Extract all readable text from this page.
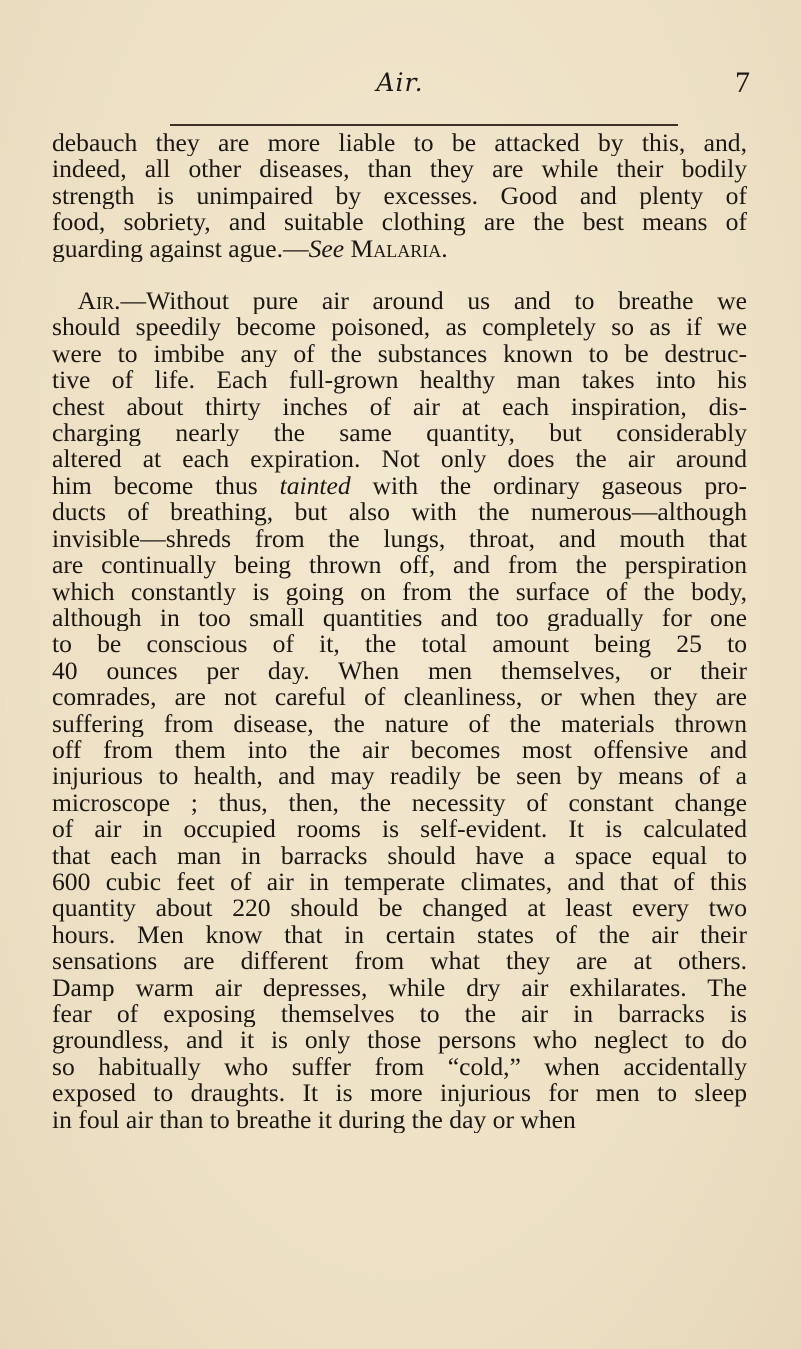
Air.	7
debauch they are more liable to be attacked by this, and,
indeed, all other diseases, than they are while their bodily
strength is unimpaired by excesses. Good and plenty of
food, sobriety, and suitable clothing are the best means of
guarding against ague.—See Malaria.
 Air.—Without pure air around us and to breathe we
should speedily become poisoned, as completely so as if we
were to imbibe any of the substances known to be destruc-
tive of life. Each full-grown healthy man takes into his
chest about thirty inches of air at each inspiration, dis-
charging nearly the same quantity, but considerably
altered at each expiration. Not only does the air around
him become thus tainted with the ordinary gaseous pro-
ducts of breathing, but also with the numerous—although
invisible—shreds from the lungs, throat, and mouth that
are continually being thrown off, and from the perspiration
which constantly is going on from the surface of the body,
although in too small quantities and too gradually for one
to be conscious of it, the total amount being 25 to
40 ounces per day. When men themselves, or their
comrades, are not careful of cleanliness, or when they are
suffering from disease, the nature of the materials thrown
off from them into the air becomes most offensive and
injurious to health, and may readily be seen by means of a
microscope ; thus, then, the necessity of constant change
of air in occupied rooms is self-evident. It is calculated
that each man in barracks should have a space equal to
600 cubic feet of air in temperate climates, and that of this
quantity about 220 should be changed at least every two
hours. Men know that in certain states of the air their
sensations are different from what they are at others.
Damp warm air depresses, while dry air exhilarates. The
fear of exposing themselves to the air in barracks is
groundless, and it is only those persons who neglect to do
so habitually who suffer from “cold,” when accidentally
exposed to draughts. It is more injurious for men to sleep
in foul air than to breathe it during the day or when
